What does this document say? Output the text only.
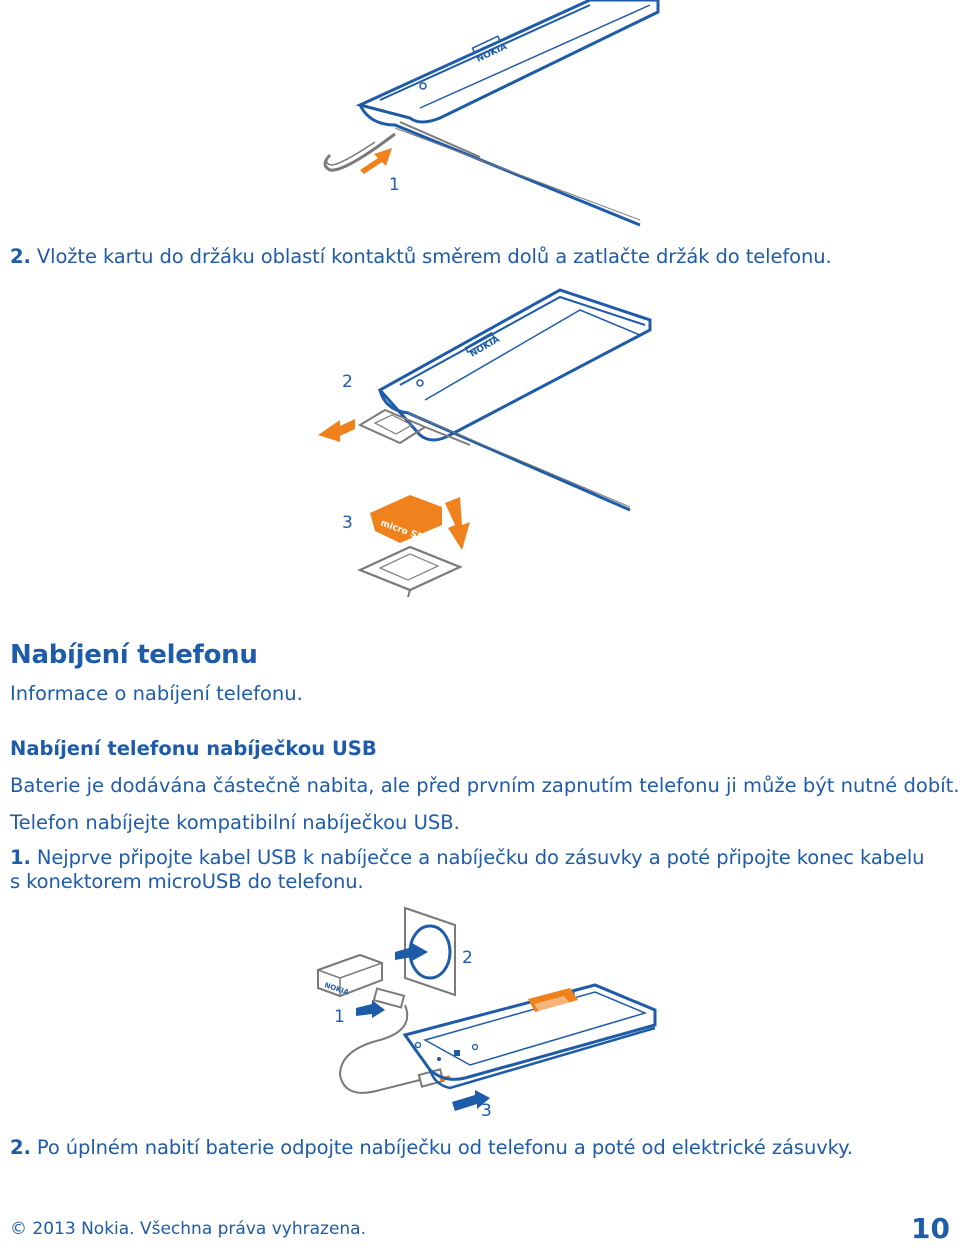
NOKIA
1

2. Vložte kartu do držáku oblastí kontaktů směrem dolů a zatlačte držák do telefonu.

NOKIA
2
micro SD
3
Nabíjení telefonu
Informace o nabíjení telefonu.
Nabíjení telefonu nabíječkou USB
Baterie je dodávána částečně nabita, ale před prvním zapnutím telefonu ji může být nutné dobít.
Telefon nabíjejte kompatibilní nabíječkou USB.

1. Nejprve připojte kabel USB k nabíječce a nabíječku do zásuvky a poté připojte konec kabelu s konektorem microUSB do telefonu.

2
NOKIA
1
3

2. Po úplném nabití baterie odpojte nabíječku od telefonu a poté od elektrické zásuvky.

© 2013 Nokia. Všechna práva vyhrazena.	10
